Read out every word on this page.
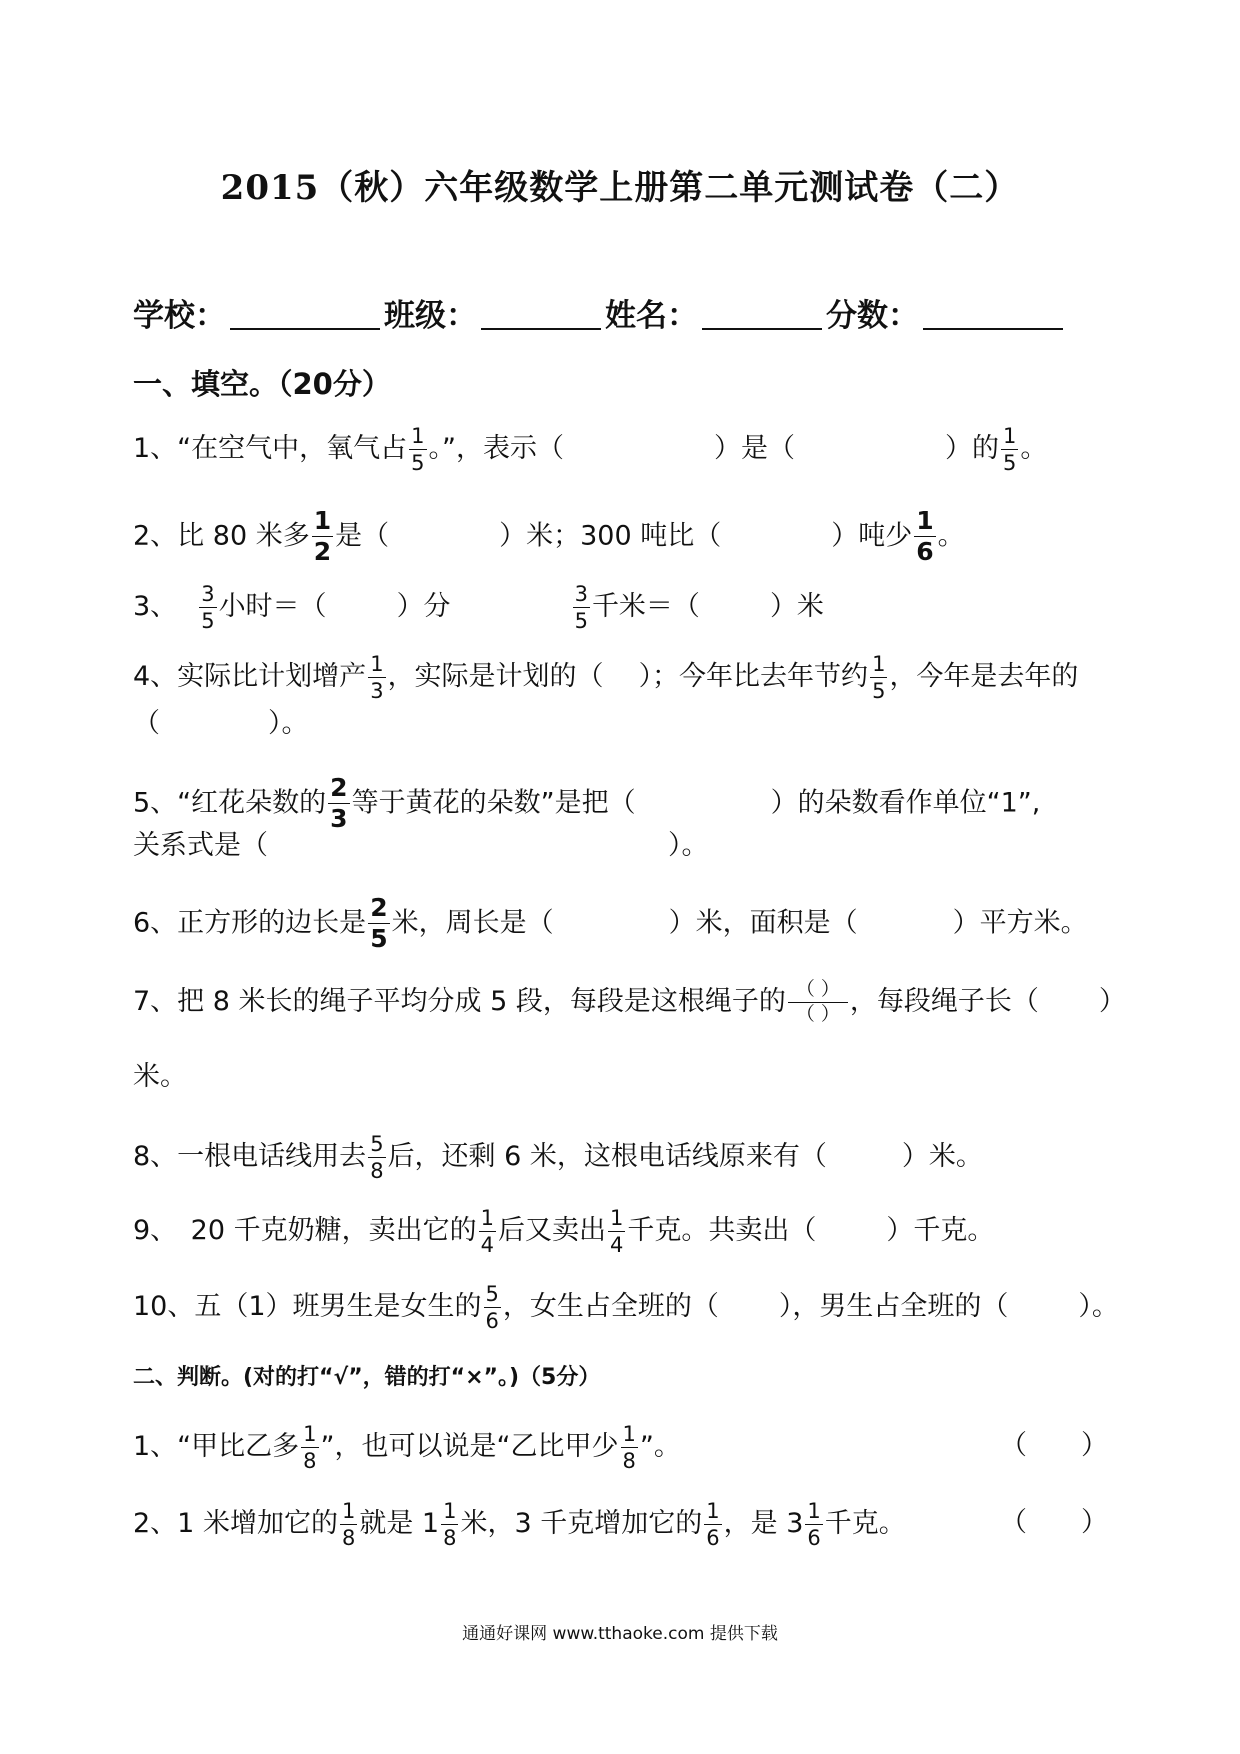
2015（秋）六年级数学上册第二单元测试卷（二）
学校：	班级：	姓名：	分数：
一、填空。（20分）
1、“在空气中，氧气占 $\frac{1}{5}$ 。”，表示（	）是（	）的 $\frac{1}{5}$ 。
2、比 80 米多 $\frac{1}{2}$ 是（	）米；300 吨比（	）吨少 $\frac{1}{6}$ 。
3、 $\frac{3}{5}$ 小时＝（	）分	$\frac{3}{5}$ 千米＝（	）米
4、实际比计划增产 $\frac{1}{3}$ ，实际是计划的（ ）；今年比去年节约 $\frac{1}{5}$ ，今年是去年的
（　　　　）。
5、“红花朵数的 $\frac{2}{3}$ 等于黄花的朵数”是把（	）的朵数看作单位“1”,
关系式是（	）。
6、正方形的边长是 $\frac{2}{5}$ 米，周长是（	）米，面积是（	）平方米。
7、把 8 米长的绳子平均分成 5 段，每段是这根绳子的 $\frac{( )}{( )}$ ，每段绳子长（ ）
米。
8、一根电话线用去 $\frac{5}{8}$ 后，还剩 6 米，这根电话线原来有（	）米。
9、　20 千克奶糖，卖出它的 $\frac{1}{4}$ 后又卖出 $\frac{1}{4}$ 千克。共卖出（	）千克。
10、五（1）班男生是女生的 $\frac{5}{6}$ ，女生占全班的（ ），男生占全班的（	）。
二、判断。(对的打“√”，错的打“×”。)（5分）
1、“甲比乙多 $\frac{1}{8}$ ”，也可以说是“乙比甲少 $\frac{1}{8}$ ”。	（　　）
2、1 米增加它的 $\frac{1}{8}$ 就是 $1 \frac{1}{8}$ 米，3 千克增加它的 $\frac{1}{6}$ ，是 $3 \frac{1}{6}$ 千克。	（　　）
通通好课网 www.tthaoke.com 提供下载
